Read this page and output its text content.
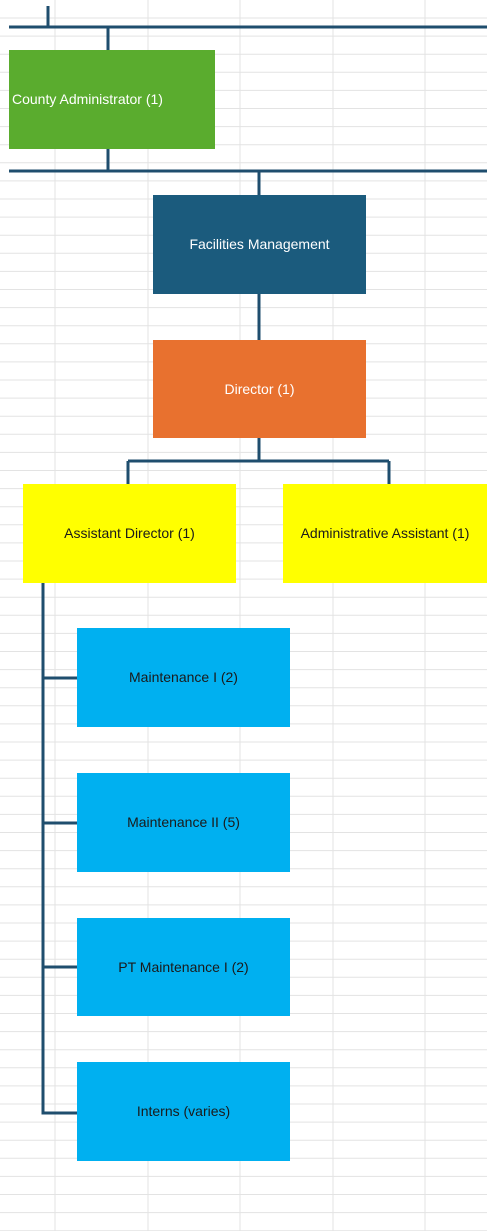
County Administrator (1)
Facilities Management
Director (1)
Assistant Director (1)	Administrative Assistant (1)
Maintenance I (2)
Maintenance II (5)
PT Maintenance I (2)
Interns (varies)
